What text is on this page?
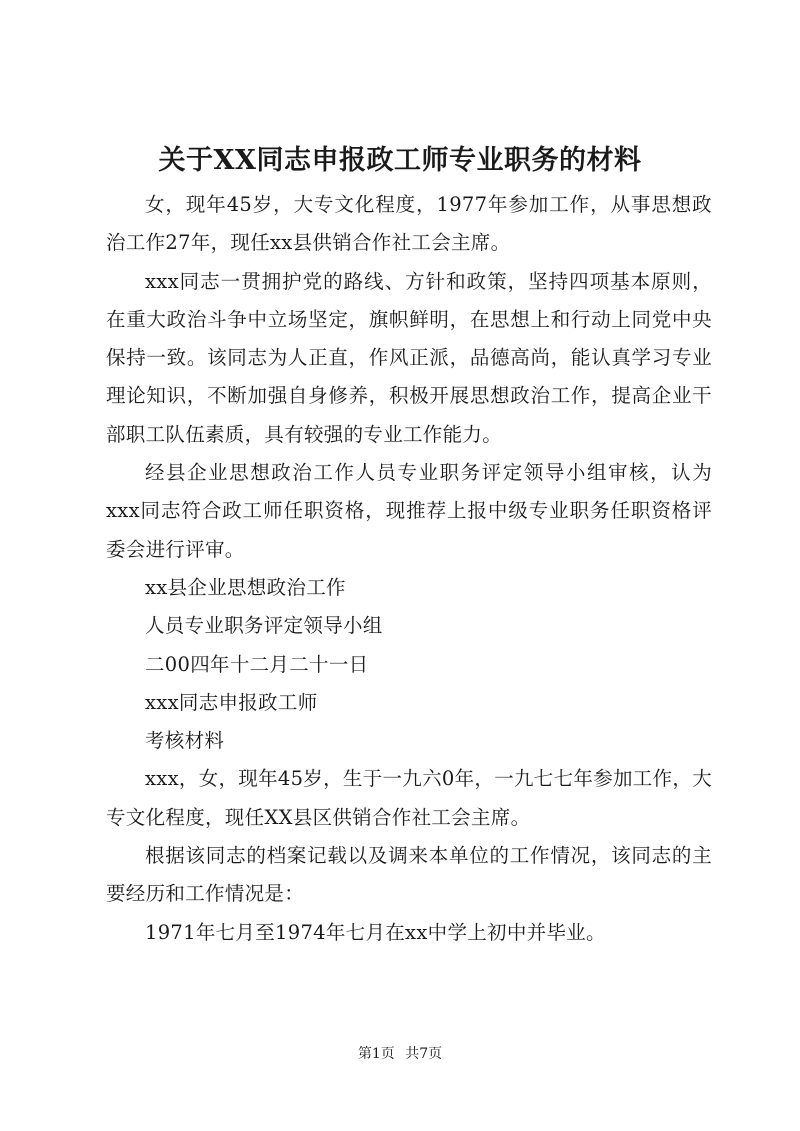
关于XX同志申报政工师专业职务的材料

女，现年45岁，大专文化程度，1977年参加工作，从事思想政治工作27年，现任xx县供销合作社工会主席。

xxx同志一贯拥护党的路线、方针和政策，坚持四项基本原则，在重大政治斗争中立场坚定，旗帜鲜明，在思想上和行动上同党中央保持一致。该同志为人正直，作风正派，品德高尚，能认真学习专业理论知识，不断加强自身修养，积极开展思想政治工作，提高企业干部职工队伍素质，具有较强的专业工作能力。

经县企业思想政治工作人员专业职务评定领导小组审核，认为xxx同志符合政工师任职资格，现推荐上报中级专业职务任职资格评委会进行评审。

xx县企业思想政治工作

人员专业职务评定领导小组

二00四年十二月二十一日

xxx同志申报政工师

考核材料

xxx，女，现年45岁，生于一九六0年，一九七七年参加工作，大专文化程度，现任XX县区供销合作社工会主席。

根据该同志的档案记载以及调来本单位的工作情况，该同志的主要经历和工作情况是：

1971年七月至1974年七月在xx中学上初中并毕业。

第1页 共7页
